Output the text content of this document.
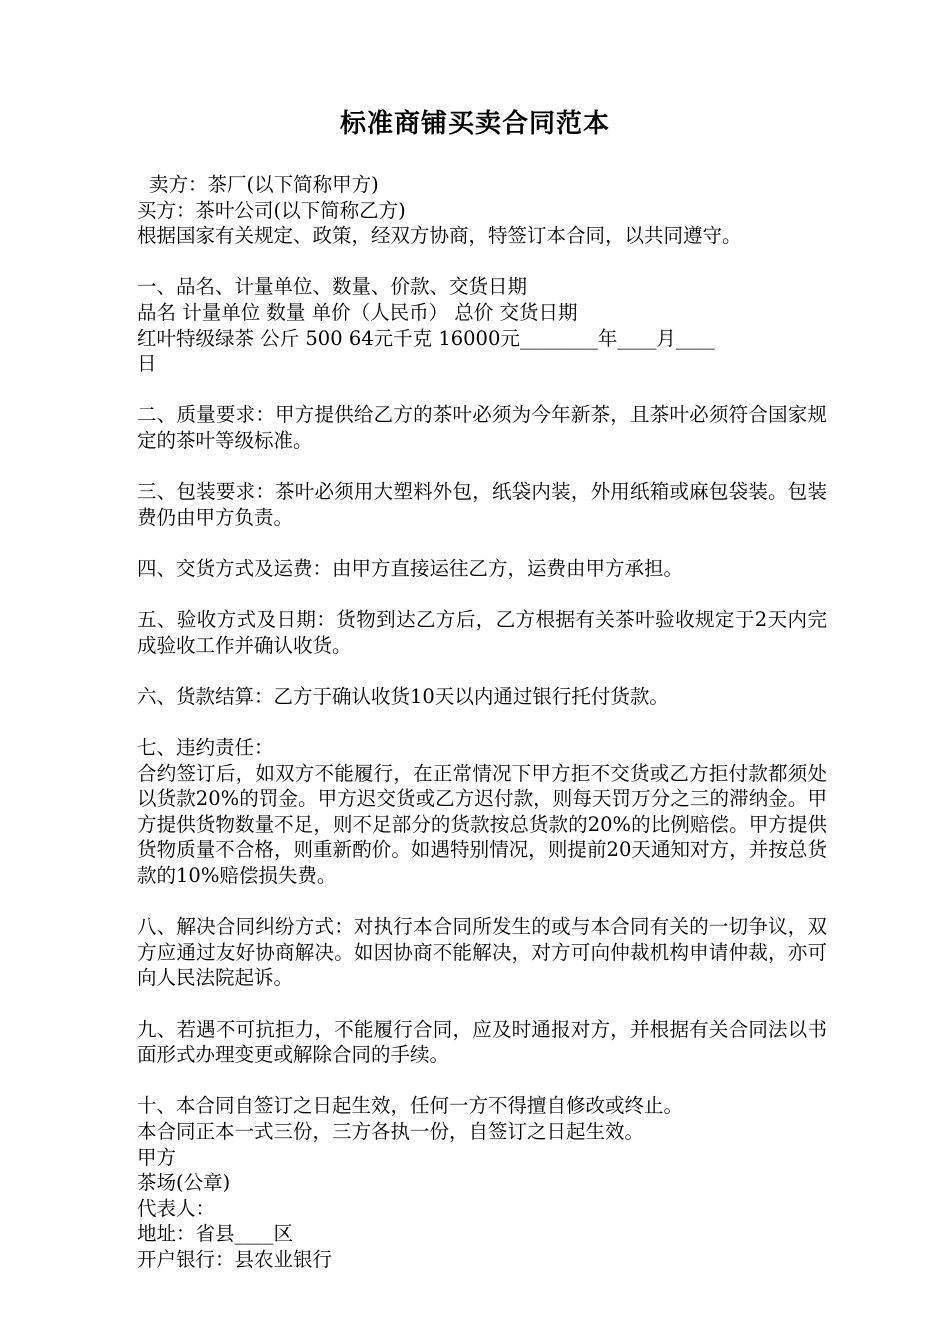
标准商铺买卖合同范本
卖方：茶厂(以下简称甲方)
买方：茶叶公司(以下简称乙方)
根据国家有关规定、政策，经双方协商，特签订本合同，以共同遵守。
一、品名、计量单位、数量、价款、交货日期
品名 计量单位 数量 单价（人民币） 总价 交货日期
红叶特级绿茶 公斤 500 64元千克 16000元________年____月____
日
二、质量要求：甲方提供给乙方的茶叶必须为今年新茶，且茶叶必须符合国家规定的茶叶等级标准。
三、包装要求：茶叶必须用大塑料外包，纸袋内装，外用纸箱或麻包袋装。包装费仍由甲方负责。
四、交货方式及运费：由甲方直接运往乙方，运费由甲方承担。
五、验收方式及日期：货物到达乙方后，乙方根据有关茶叶验收规定于2天内完成验收工作并确认收货。
六、货款结算：乙方于确认收货10天以内通过银行托付货款。
七、违约责任：
合约签订后，如双方不能履行，在正常情况下甲方拒不交货或乙方拒付款都须处以货款20%的罚金。甲方迟交货或乙方迟付款，则每天罚万分之三的滞纳金。甲方提供货物数量不足，则不足部分的货款按总货款的20%的比例赔偿。甲方提供货物质量不合格，则重新酌价。如遇特别情况，则提前20天通知对方，并按总货款的10%赔偿损失费。
八、解决合同纠纷方式：对执行本合同所发生的或与本合同有关的一切争议，双方应通过友好协商解决。如因协商不能解决，对方可向仲裁机构申请仲裁，亦可向人民法院起诉。
九、若遇不可抗拒力，不能履行合同，应及时通报对方，并根据有关合同法以书面形式办理变更或解除合同的手续。
十、本合同自签订之日起生效，任何一方不得擅自修改或终止。
本合同正本一式三份，三方各执一份，自签订之日起生效。
甲方
茶场(公章)
代表人：
地址：省县____区
开户银行：县农业银行
